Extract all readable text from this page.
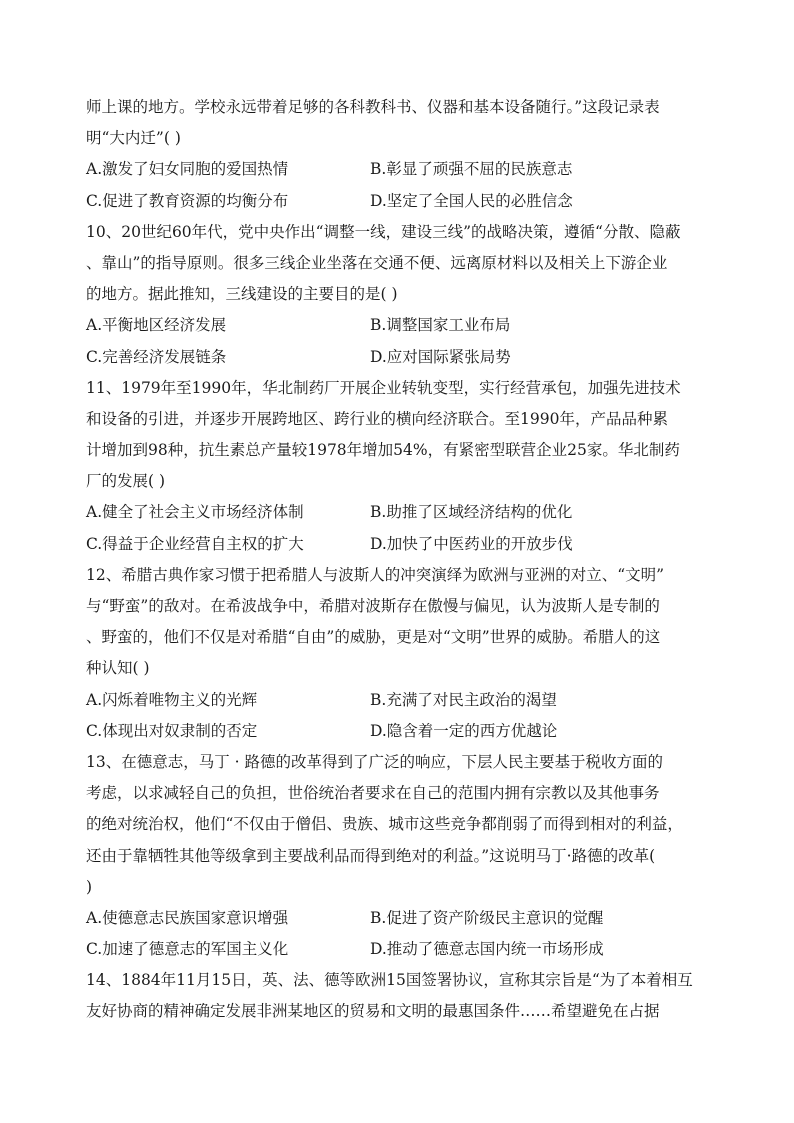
师上课的地方。学校永远带着足够的各科教科书、仪器和基本设备随行。”这段记录表
明“大内迁”( )
A.激发了妇女同胞的爱国热情	B.彰显了顽强不屈的民族意志
C.促进了教育资源的均衡分布	D.坚定了全国人民的必胜信念
10、20世纪60年代，党中央作出“调整一线，建设三线”的战略决策，遵循“分散、隐蔽
、靠山”的指导原则。很多三线企业坐落在交通不便、远离原材料以及相关上下游企业
的地方。据此推知，三线建设的主要目的是( )
A.平衡地区经济发展	B.调整国家工业布局
C.完善经济发展链条	D.应对国际紧张局势
11、1979年至1990年，华北制药厂开展企业转轨变型，实行经营承包，加强先进技术
和设备的引进，并逐步开展跨地区、跨行业的横向经济联合。至1990年，产品品种累
计增加到98种，抗生素总产量较1978年增加54%，有紧密型联营企业25家。华北制药
厂的发展( )
A.健全了社会主义市场经济体制	B.助推了区域经济结构的优化
C.得益于企业经营自主权的扩大	D.加快了中医药业的开放步伐
12、希腊古典作家习惯于把希腊人与波斯人的冲突演绎为欧洲与亚洲的对立、“文明”
与“野蛮”的敌对。在希波战争中，希腊对波斯存在傲慢与偏见，认为波斯人是专制的
、野蛮的，他们不仅是对希腊“自由”的威胁，更是对“文明”世界的威胁。希腊人的这
种认知( )
A.闪烁着唯物主义的光辉	B.充满了对民主政治的渴望
C.体现出对奴隶制的否定	D.隐含着一定的西方优越论
13、在德意志，马丁 · 路德的改革得到了广泛的响应，下层人民主要基于税收方面的
考虑，以求减轻自己的负担，世俗统治者要求在自己的范围内拥有宗教以及其他事务
的绝对统治权，他们“不仅由于僧侣、贵族、城市这些竞争都削弱了而得到相对的利益，
还由于靠牺牲其他等级拿到主要战利品而得到绝对的利益。”这说明马丁·路德的改革(
)
A.使德意志民族国家意识增强	B.促进了资产阶级民主意识的觉醒
C.加速了德意志的军国主义化	D.推动了德意志国内统一市场形成
14、1884年11月15日，英、法、德等欧洲15国签署协议，宣称其宗旨是“为了本着相互
友好协商的精神确定发展非洲某地区的贸易和文明的最惠国条件……希望避免在占据
